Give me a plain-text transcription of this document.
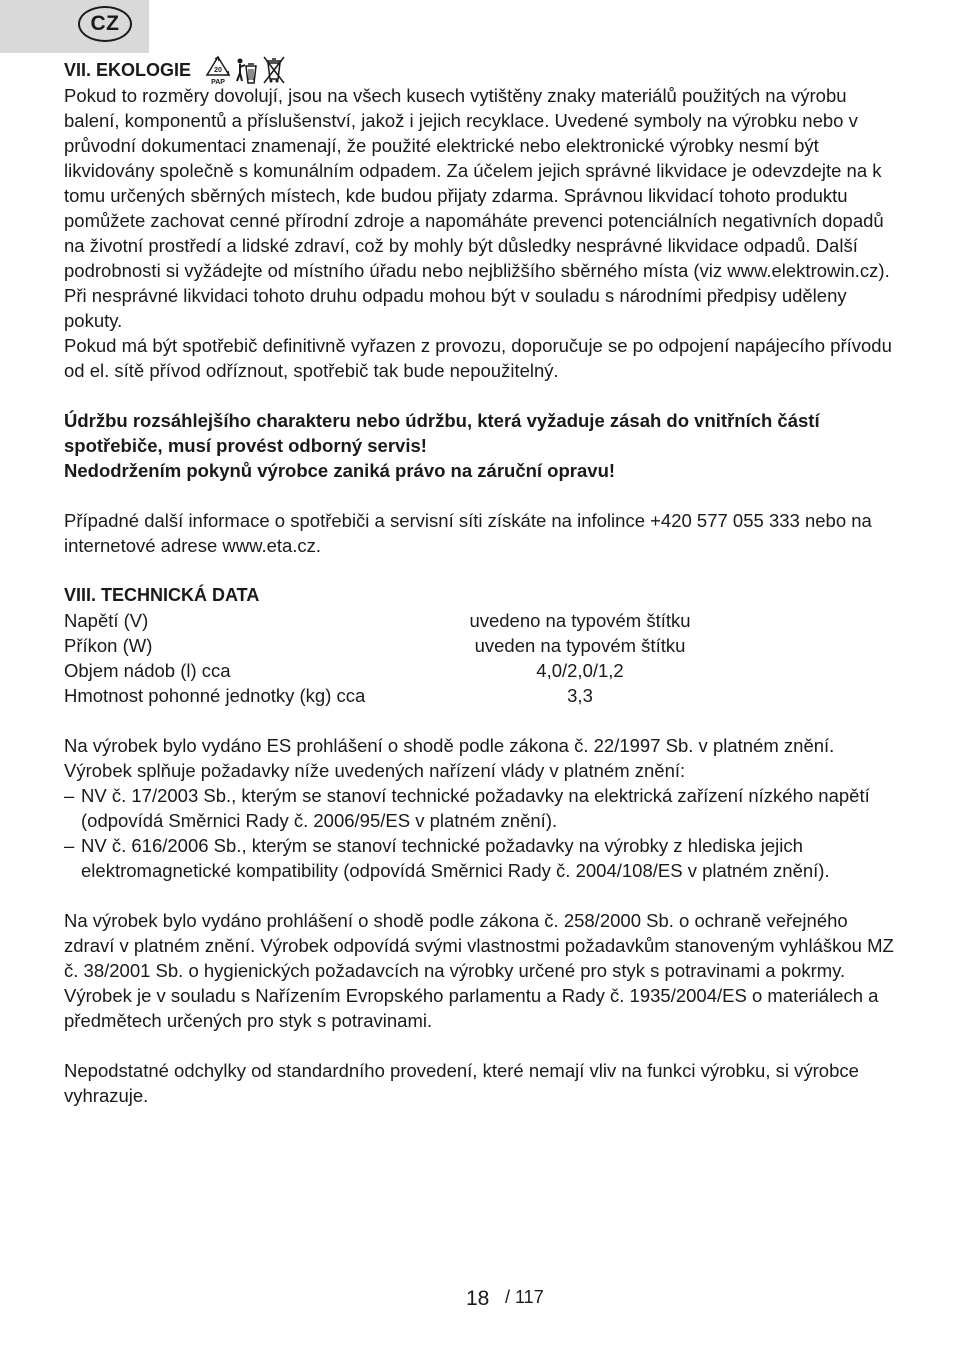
CZ
VII. EKOLOGIE	20
PAP

Pokud to rozměry dovolují, jsou na všech kusech vytištěny znaky materiálů použitých na výrobu balení, komponentů a příslušenství, jakož i jejich recyklace. Uvedené symboly na výrobku nebo v průvodní dokumentaci znamenají, že použité elektrické nebo elektronické výrobky nesmí být likvidovány společně s komunálním odpadem. Za účelem jejich správné likvidace je odevzdejte na k tomu určených sběrných místech, kde budou přijaty zdarma. Správnou likvidací tohoto produktu pomůžete zachovat cenné přírodní zdroje a napomáháte prevenci potenciálních negativních dopadů na životní prostředí a lidské zdraví, což by mohly být důsledky nesprávné likvidace odpadů. Další podrobnosti si vyžádejte od místního úřadu nebo nejbližšího sběrného místa (viz www.elektrowin.cz). Při nesprávné likvidaci tohoto druhu odpadu mohou být v souladu s národními předpisy uděleny pokuty.

Pokud má být spotřebič definitivně vyřazen z provozu, doporučuje se po odpojení napájecího přívodu od el. sítě přívod odříznout, spotřebič tak bude nepoužitelný.

Údržbu rozsáhlejšího charakteru nebo údržbu, která vyžaduje zásah do vnitřních částí spotřebiče, musí provést odborný servis!

Nedodržením pokynů výrobce zaniká právo na záruční opravu!

Případné další informace o spotřebiči a servisní síti získáte na infolince +420 577 055 333 nebo na internetové adrese www.eta.cz.

VIII. TECHNICKÁ DATA

Napětí (V)	uvedeno na typovém štítku
Příkon (W)	uveden na typovém štítku
Objem nádob (l) cca	4,0/2,0/1,2
Hmotnost pohonné jednotky (kg) cca	3,3

Na výrobek bylo vydáno ES prohlášení o shodě podle zákona č. 22/1997 Sb. v platném znění. Výrobek splňuje požadavky níže uvedených nařízení vlády v platném znění:

– NV č. 17/2003 Sb., kterým se stanoví technické požadavky na elektrická zařízení nízkého napětí (odpovídá Směrnici Rady č. 2006/95/ES v platném znění).
– NV č. 616/2006 Sb., kterým se stanoví technické požadavky na výrobky z hlediska jejich elektromagnetické kompatibility (odpovídá Směrnici Rady č. 2004/108/ES v platném znění).

Na výrobek bylo vydáno prohlášení o shodě podle zákona č. 258/2000 Sb. o ochraně veřejného zdraví v platném znění. Výrobek odpovídá svými vlastnostmi požadavkům stanoveným vyhláškou MZ č. 38/2001 Sb. o hygienických požadavcích na výrobky určené pro styk s potravinami a pokrmy. Výrobek je v souladu s Nařízením Evropského parlamentu a Rady č. 1935/2004/ES o materiálech a předmětech určených pro styk s potravinami.

Nepodstatné odchylky od standardního provedení, které nemají vliv na funkci výrobku, si výrobce vyhrazuje.

18 / 117
